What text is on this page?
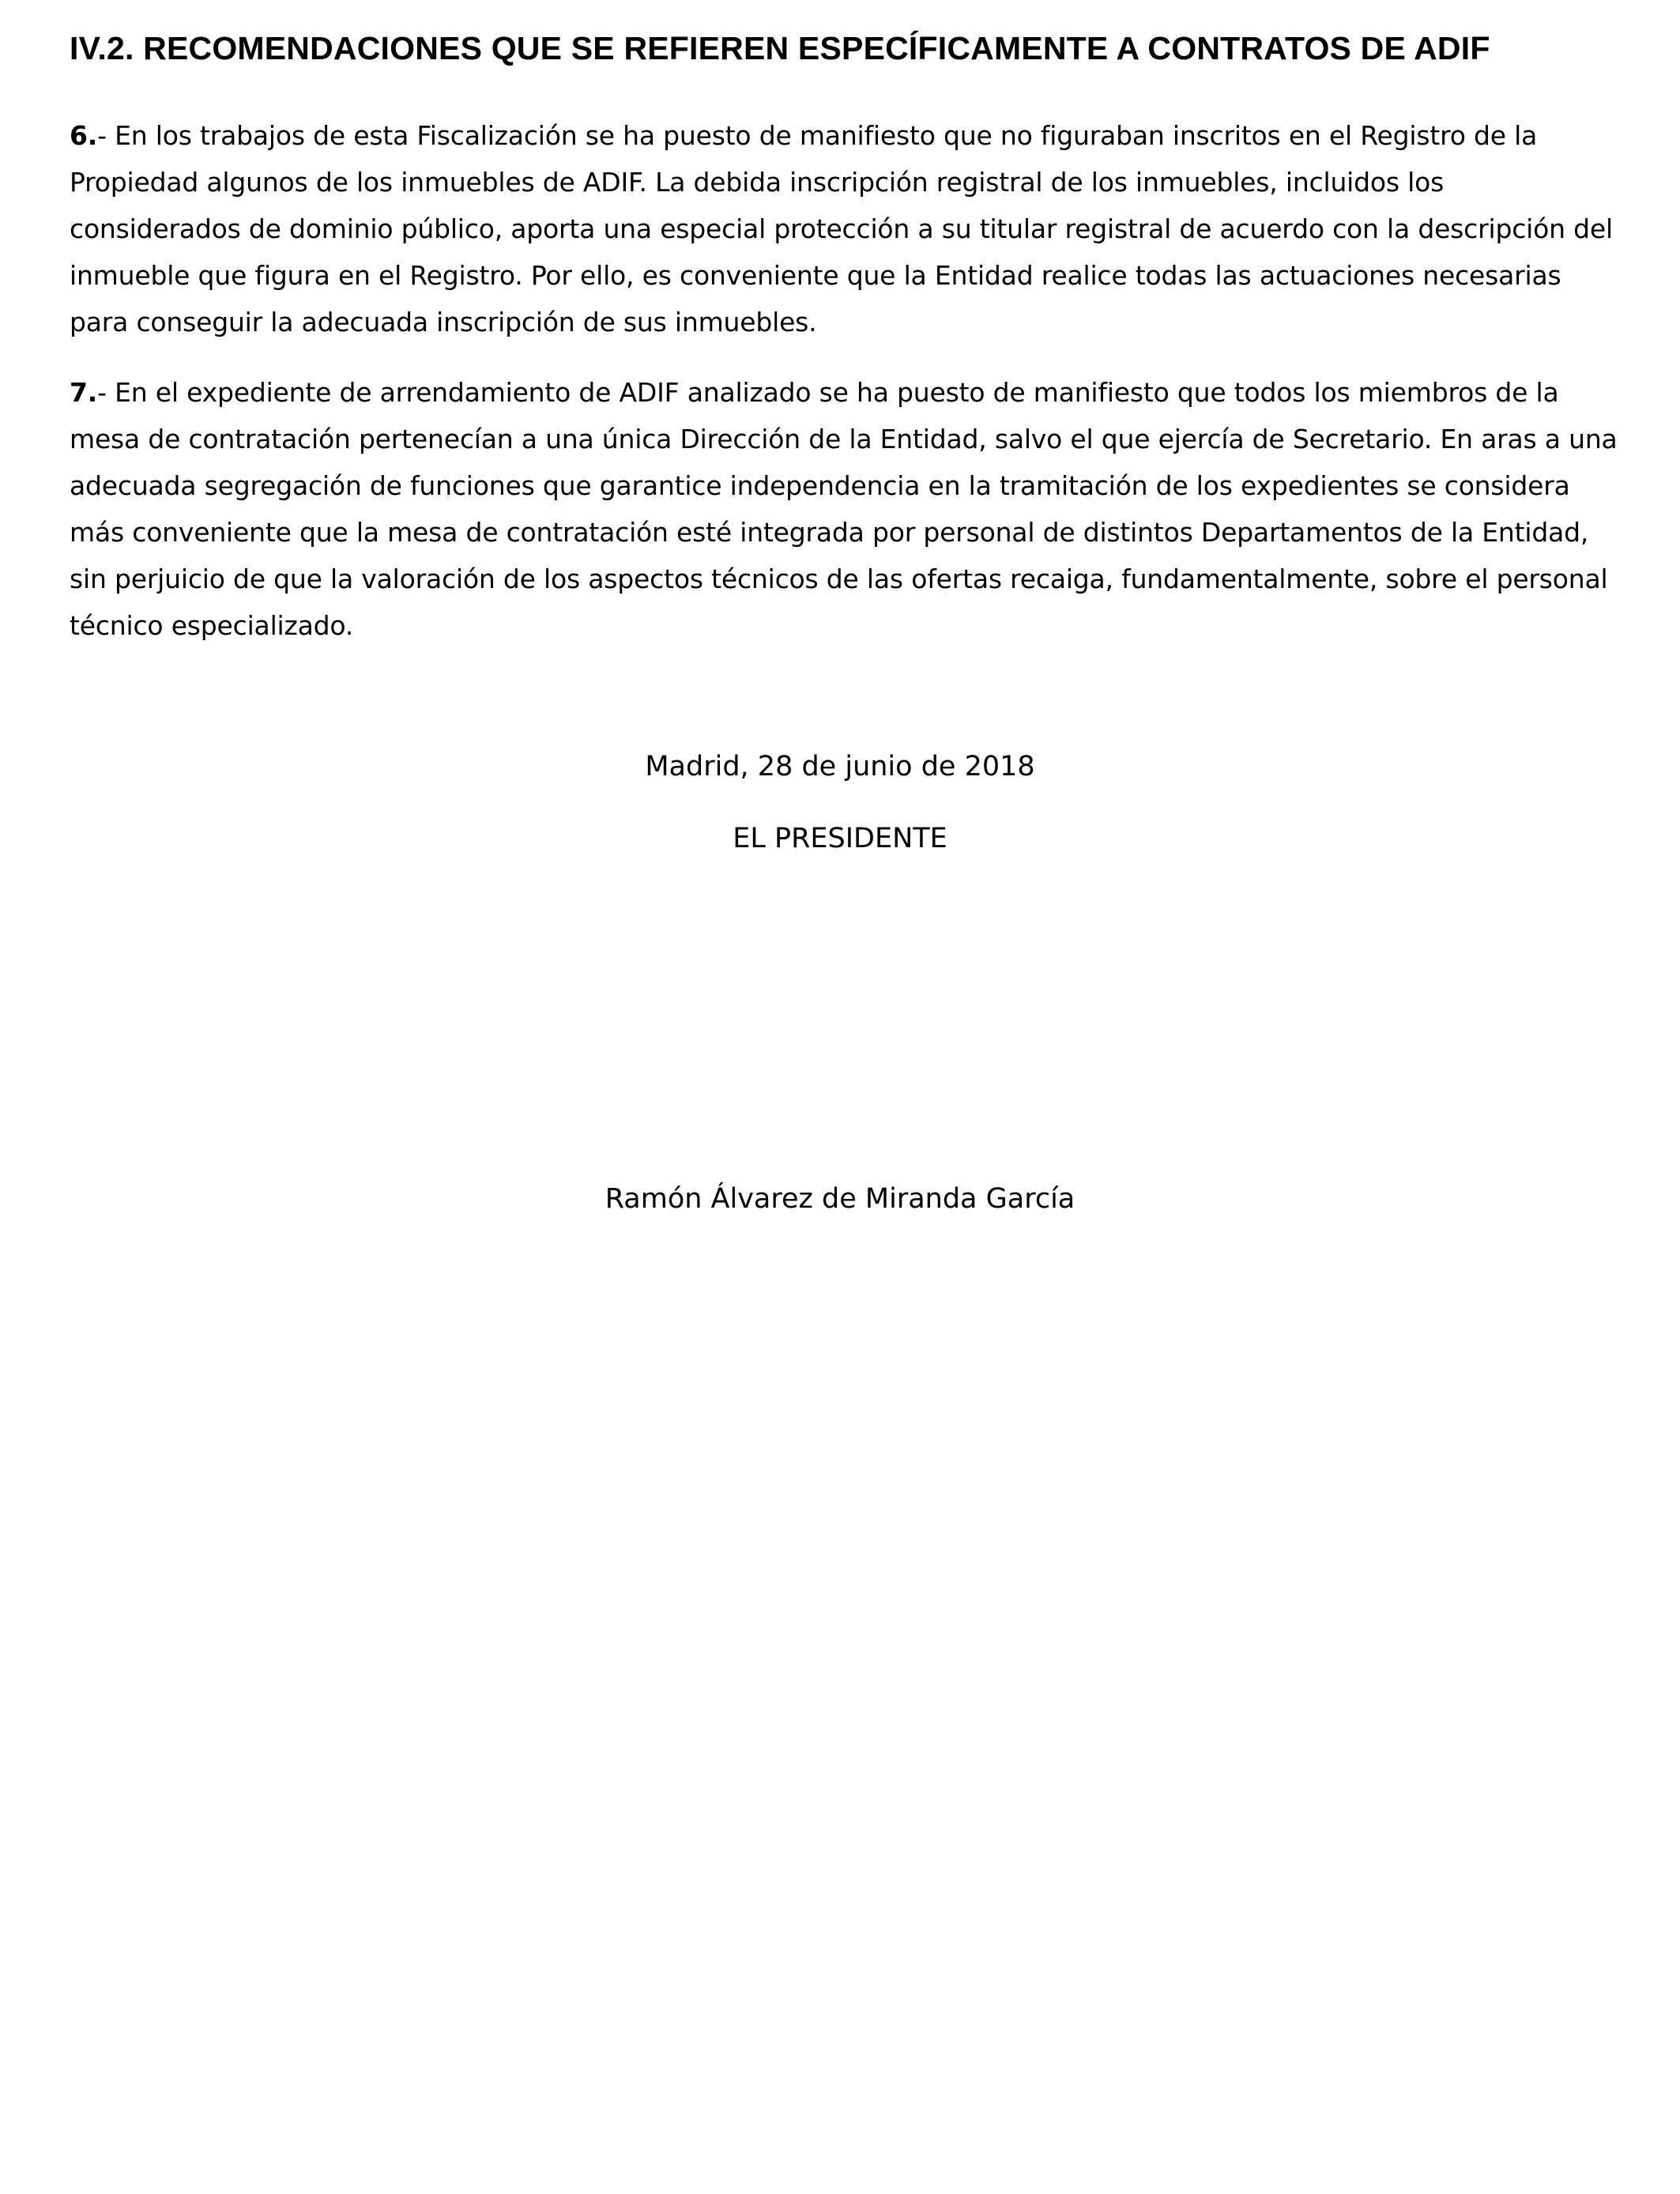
IV.2. RECOMENDACIONES QUE SE REFIEREN ESPECÍFICAMENTE A CONTRATOS DE ADIF

6.- En los trabajos de esta Fiscalización se ha puesto de manifiesto que no figuraban inscritos en el Registro de la Propiedad algunos de los inmuebles de ADIF. La debida inscripción registral de los inmuebles, incluidos los considerados de dominio público, aporta una especial protección a su titular registral de acuerdo con la descripción del inmueble que figura en el Registro. Por ello, es conveniente que la Entidad realice todas las actuaciones necesarias para conseguir la adecuada inscripción de sus inmuebles.

7.- En el expediente de arrendamiento de ADIF analizado se ha puesto de manifiesto que todos los miembros de la mesa de contratación pertenecían a una única Dirección de la Entidad, salvo el que ejercía de Secretario. En aras a una adecuada segregación de funciones que garantice independencia en la tramitación de los expedientes se considera más conveniente que la mesa de contratación esté integrada por personal de distintos Departamentos de la Entidad, sin perjuicio de que la valoración de los aspectos técnicos de las ofertas recaiga, fundamentalmente, sobre el personal técnico especializado.

Madrid, 28 de junio de 2018

EL PRESIDENTE

Ramón Álvarez de Miranda García
